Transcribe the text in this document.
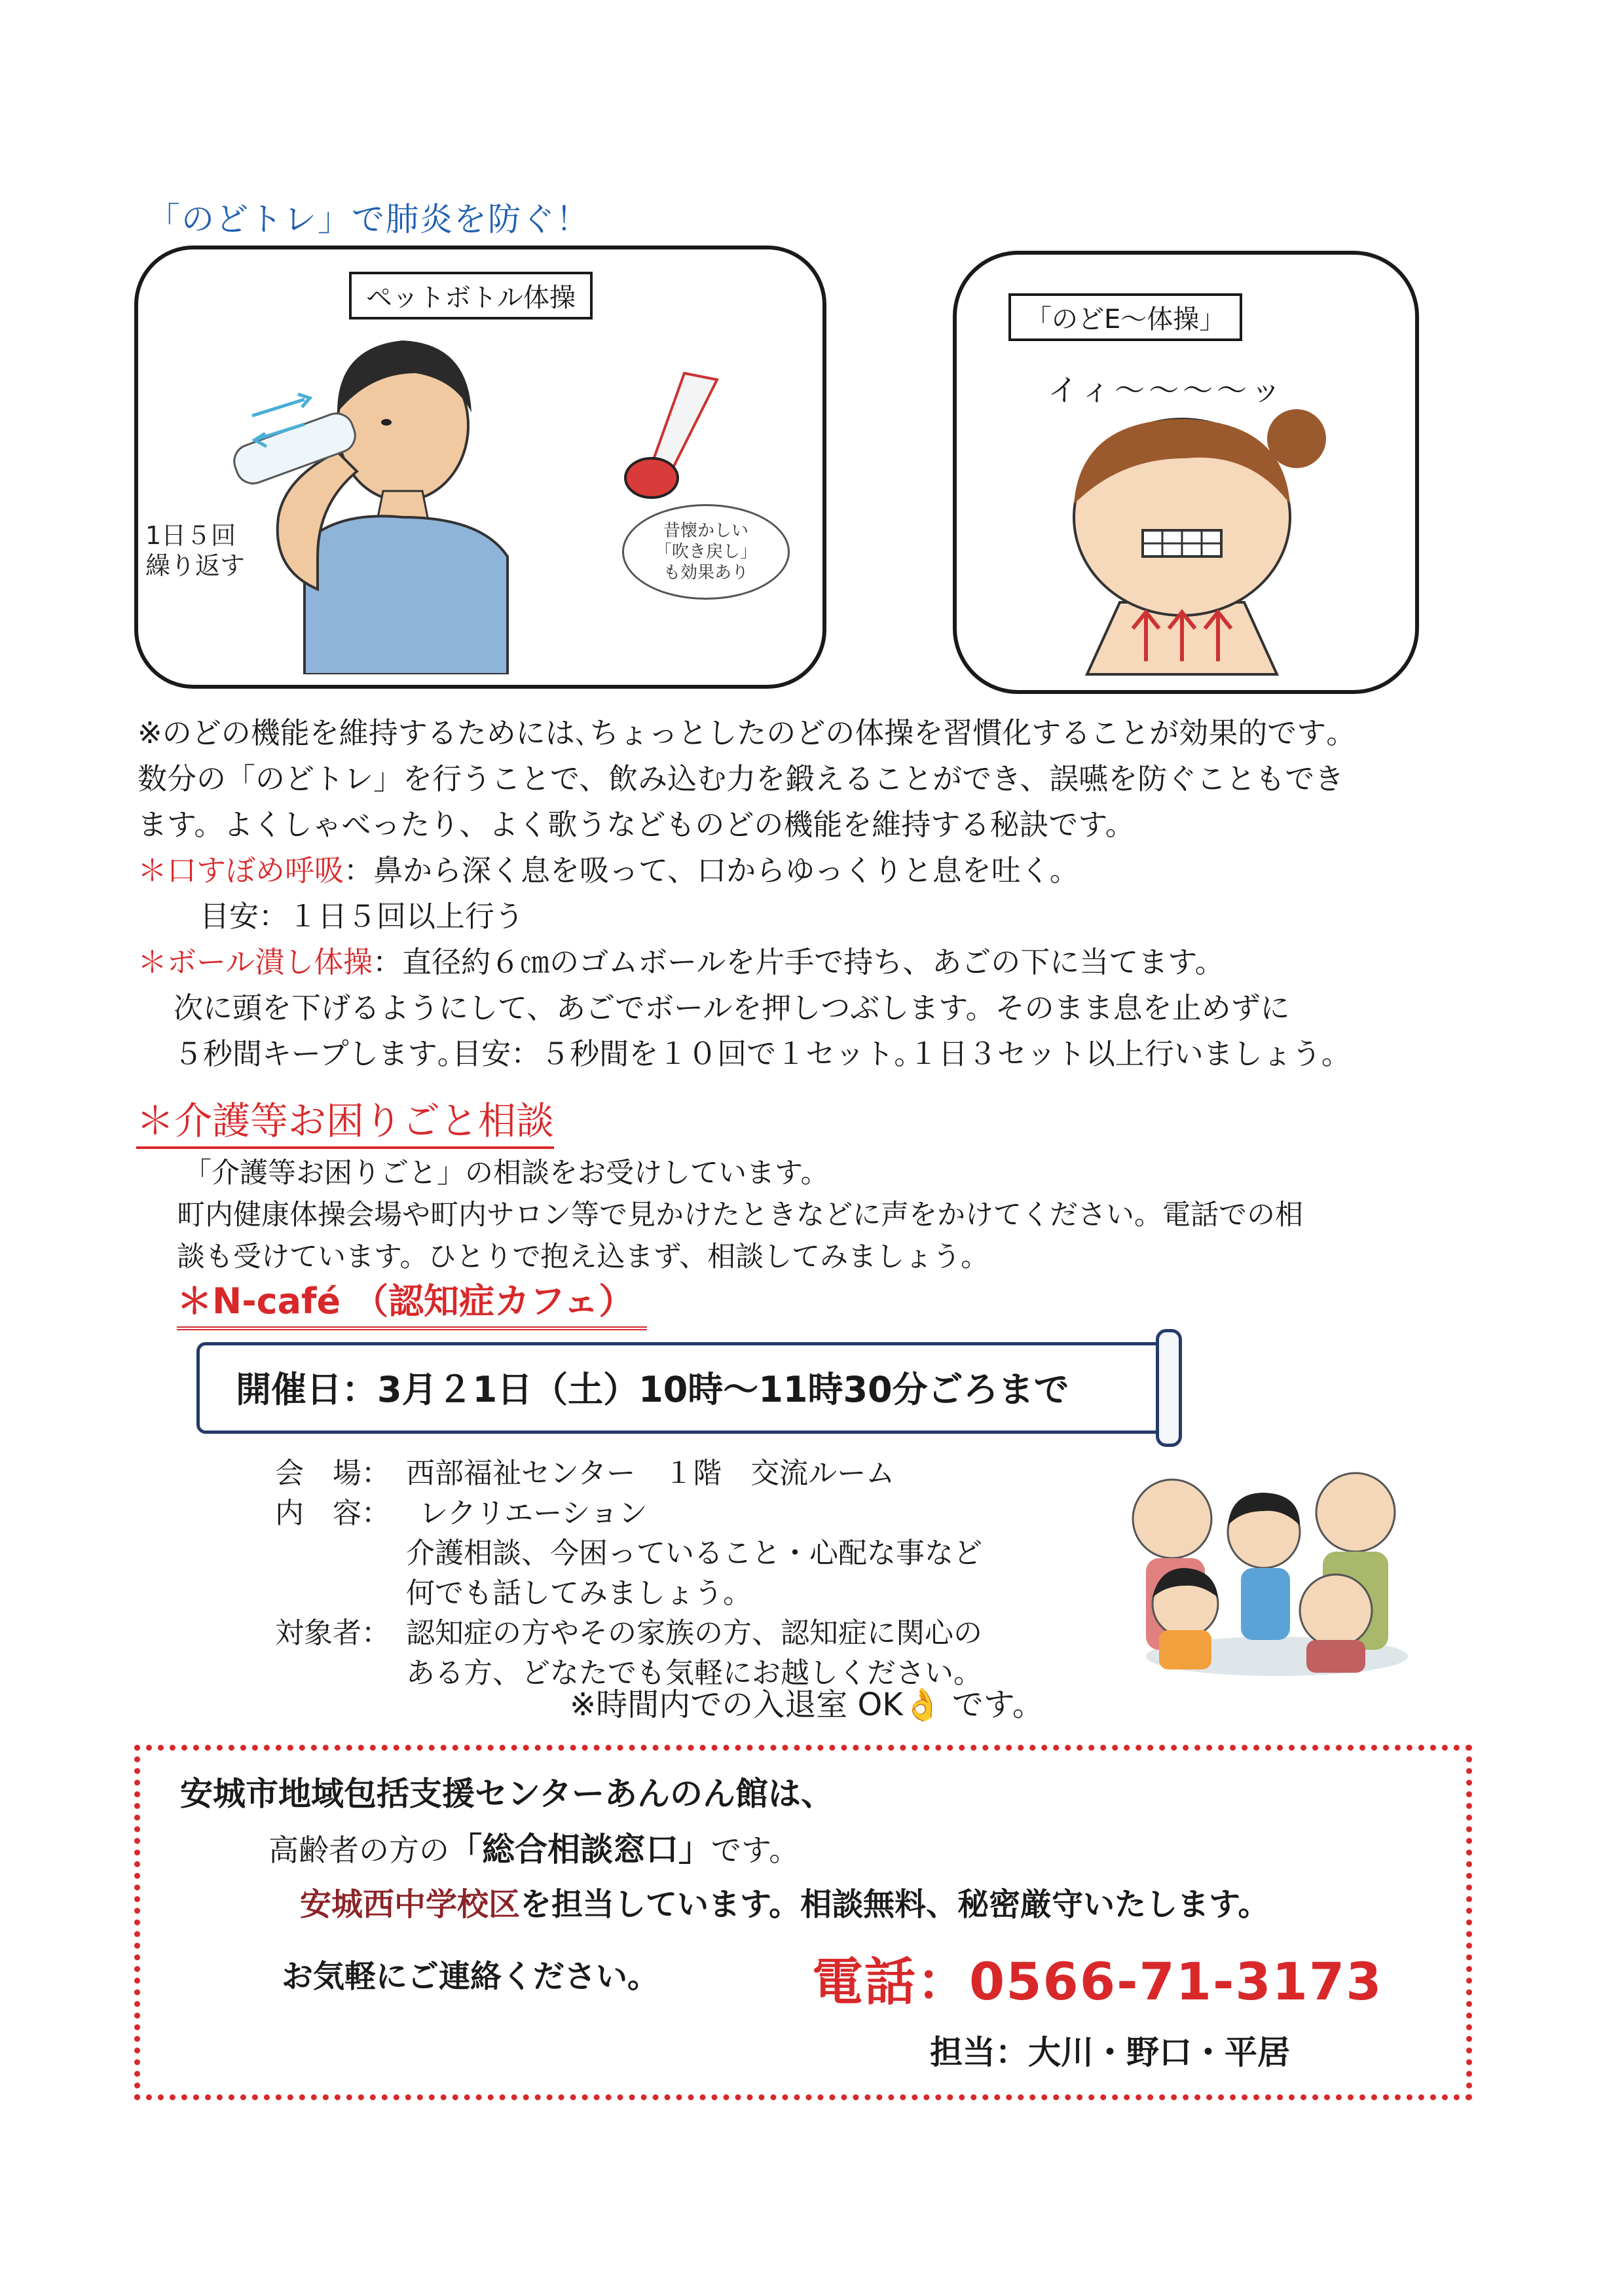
「のどトレ」で肺炎を防ぐ！
ペットボトル体操
1日５回
繰り返す
昔懐かしい
「吹き戻し」
も効果あり
「のどE～体操」
イィ〜〜〜〜ッ
※のどの機能を維持するためには､ちょっとしたのどの体操を習慣化することが効果的です｡
数分の「のどトレ」を行うことで、飲み込む力を鍛えることができ、誤嚥を防ぐこともでき
ます。よくしゃべったり、よく歌うなどものどの機能を維持する秘訣です。
＊口すぼめ呼吸：鼻から深く息を吸って、口からゆっくりと息を吐く。
目安：１日５回以上行う
＊ボール潰し体操：直径約６㎝のゴムボールを片手で持ち、あごの下に当てます。
次に頭を下げるようにして、あごでボールを押しつぶします。そのまま息を止めずに
５秒間キープします｡目安：５秒間を１０回で１セット｡１日３セット以上行いましょう｡
＊介護等お困りごと相談
「介護等お困りごと」の相談をお受けしています。
町内健康体操会場や町内サロン等で見かけたときなどに声をかけてください。電話での相
談も受けています。ひとりで抱え込まず、相談してみましょう。
＊N-café （認知症カフェ）
開催日：3月２1日（土）10時～11時30分ごろまで
会　場： 西部福祉センター　１階　交流ルーム
内　容： レクリエーション
介護相談、今困っていること・心配な事など
何でも話してみましょう。
対象者： 認知症の方やその家族の方、認知症に関心の
ある方、どなたでも気軽にお越しください。
※時間内での入退室 OK👌 です。
安城市地域包括支援センターあんのん館は、
高齢者の方の「総合相談窓口」です。
安城西中学校区を担当しています。相談無料、秘密厳守いたします。
お気軽にご連絡ください。	電話：0566-71-3173
担当：大川・野口・平居
